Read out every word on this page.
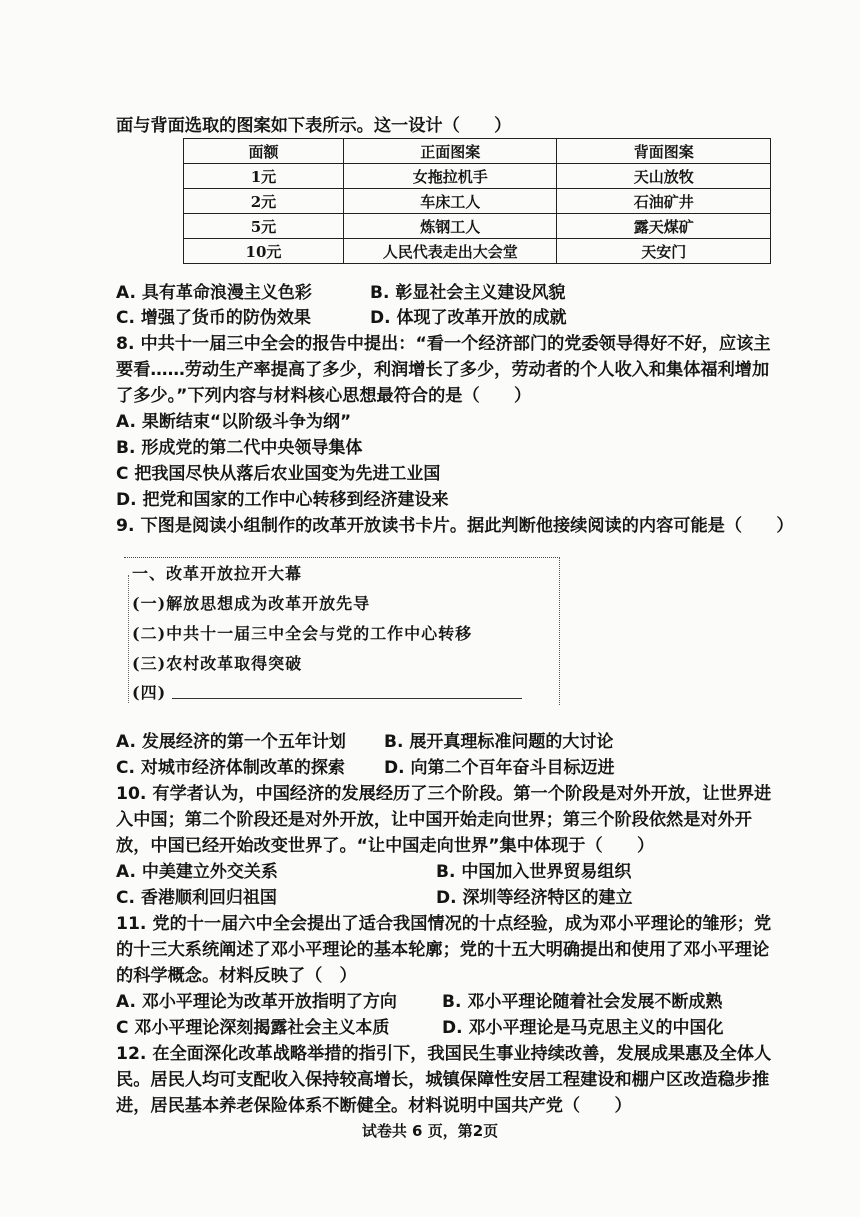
面与背面选取的图案如下表所示。这一设计（　　）
面额	正面图案	背面图案
1元	女拖拉机手	天山放牧
2元	车床工人	石油矿井
5元	炼钢工人	露天煤矿
10元	人民代表走出大会堂	天安门
A. 具有革命浪漫主义色彩	B. 彰显社会主义建设风貌
C. 增强了货币的防伪效果	D. 体现了改革开放的成就
8. 中共十一届三中全会的报告中提出：“看一个经济部门的党委领导得好不好，应该主
要看……劳动生产率提高了多少，利润增长了多少，劳动者的个人收入和集体福利增加
了多少。”下列内容与材料核心思想最符合的是（　　）
A. 果断结束“以阶级斗争为纲”
B. 形成党的第二代中央领导集体
C 把我国尽快从落后农业国变为先进工业国
D. 把党和国家的工作中心转移到经济建设来
9. 下图是阅读小组制作的改革开放读书卡片。据此判断他接续阅读的内容可能是（　　）
一、改革开放拉开大幕
(一)解放思想成为改革开放先导
(二)中共十一届三中全会与党的工作中心转移
(三)农村改革取得突破
(四)
A. 发展经济的第一个五年计划 B. 展开真理标准问题的大讨论
C. 对城市经济体制改革的探索 D. 向第二个百年奋斗目标迈进
10. 有学者认为，中国经济的发展经历了三个阶段。第一个阶段是对外开放，让世界进
入中国；第二个阶段还是对外开放，让中国开始走向世界；第三个阶段依然是对外开
放，中国已经开始改变世界了。“让中国走向世界”集中体现于（　　）
A. 中美建立外交关系	B. 中国加入世界贸易组织
C. 香港顺利回归祖国	D. 深圳等经济特区的建立
11. 党的十一届六中全会提出了适合我国情况的十点经验，成为邓小平理论的雏形；党
的十三大系统阐述了邓小平理论的基本轮廓；党的十五大明确提出和使用了邓小平理论
的科学概念。材料反映了（　）
A. 邓小平理论为改革开放指明了方向	B. 邓小平理论随着社会发展不断成熟
C 邓小平理论深刻揭露社会主义本质	D. 邓小平理论是马克思主义的中国化
12. 在全面深化改革战略举措的指引下，我国民生事业持续改善，发展成果惠及全体人
民。居民人均可支配收入保持较高增长，城镇保障性安居工程建设和棚户区改造稳步推
进，居民基本养老保险体系不断健全。材料说明中国共产党（　　）
试卷共 6 页，第2页
